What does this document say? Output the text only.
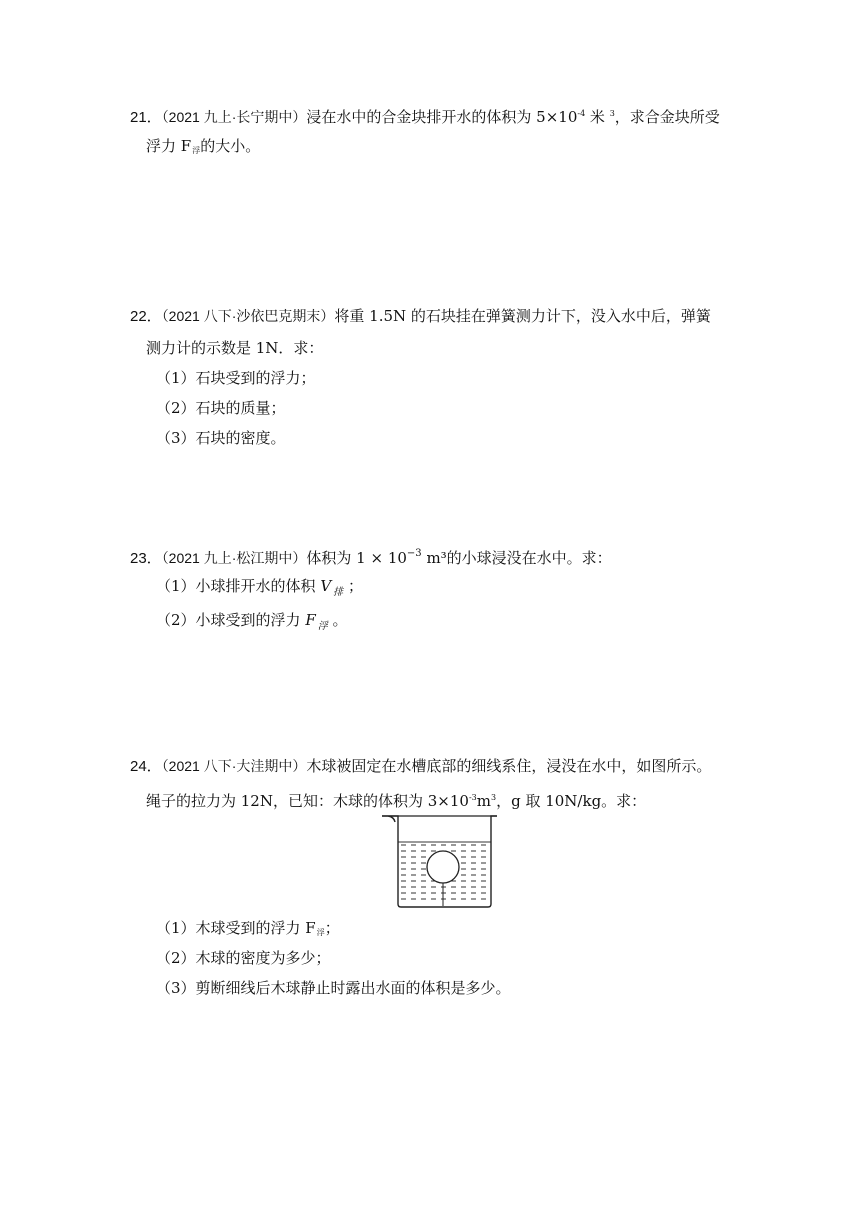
21．（2021 九上·长宁期中）浸在水中的合金块排开水的体积为 $5\times 10^{-4}$ 米 $^3$，求合金块所受
浮力 $F_浮$的大小。
22．（2021 八下·沙依巴克期末）将重 1.5N 的石块挂在弹簧测力计下，没入水中后，弹簧
测力计的示数是 1N．求：
（1）石块受到的浮力；
（2）石块的质量；
（3）石块的密度。
23．（2021 九上·松江期中）体积为 $1 \times 10^{-3}$ m³的小球浸没在水中。求：
（1）小球排开水的体积 V $_排$ ；
（2）小球受到的浮力 F $_浮$ 。
24．（2021 八下·大洼期中）木球被固定在水槽底部的细线系住，浸没在水中，如图所示。
绳子的拉力为 12N，已知：木球的体积为 $3\times 10^{-3}m^3$，g 取 10N/kg。求：
（1）木球受到的浮力 $F_浮$；
（2）木球的密度为多少；
（3）剪断细线后木球静止时露出水面的体积是多少。
